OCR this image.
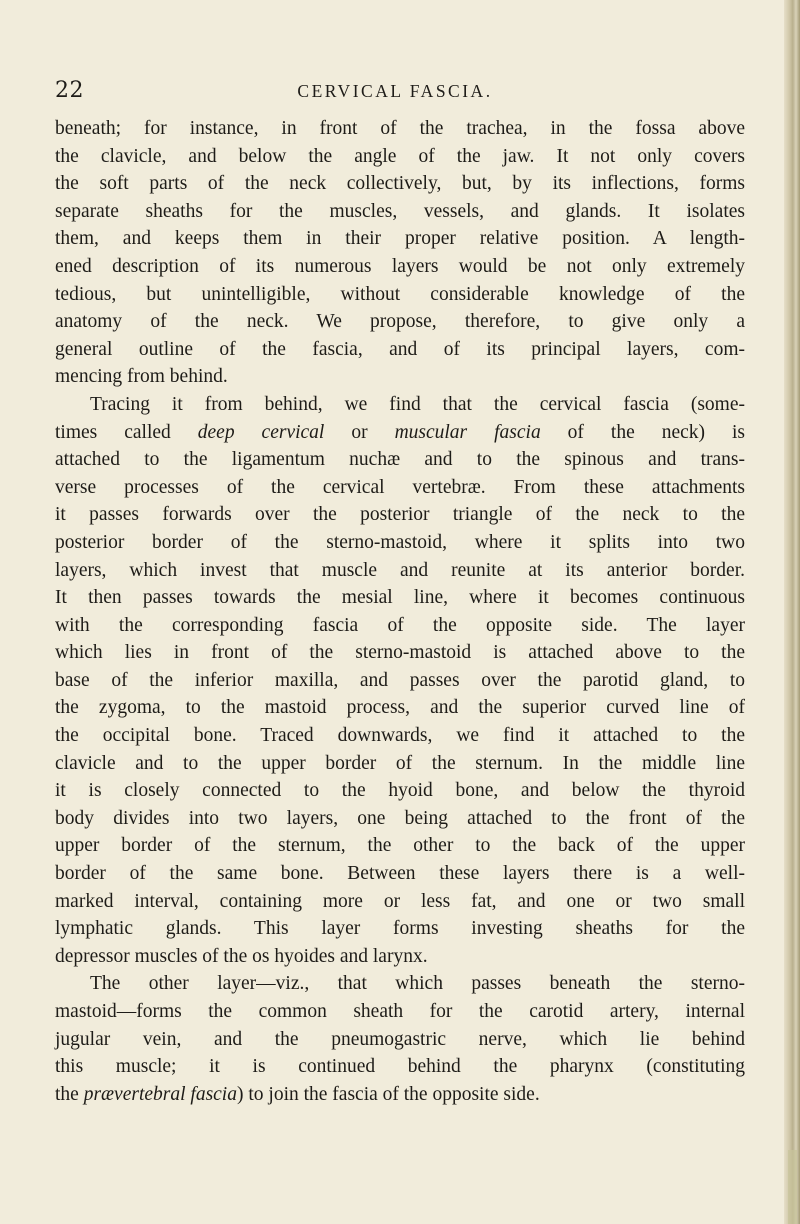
22	CERVICAL FASCIA.
beneath; for instance, in front of the trachea, in the fossa above
the clavicle, and below the angle of the jaw. It not only covers
the soft parts of the neck collectively, but, by its inflections, forms
separate sheaths for the muscles, vessels, and glands. It isolates
them, and keeps them in their proper relative position. A length-
ened description of its numerous layers would be not only extremely
tedious, but unintelligible, without considerable knowledge of the
anatomy of the neck. We propose, therefore, to give only a
general outline of the fascia, and of its principal layers, com-
mencing from behind.
Tracing it from behind, we find that the cervical fascia (some-
times called deep cervical or muscular fascia of the neck) is
attached to the ligamentum nuchæ and to the spinous and trans-
verse processes of the cervical vertebræ. From these attachments
it passes forwards over the posterior triangle of the neck to the
posterior border of the sterno-mastoid, where it splits into two
layers, which invest that muscle and reunite at its anterior border.
It then passes towards the mesial line, where it becomes continuous
with the corresponding fascia of the opposite side. The layer
which lies in front of the sterno-mastoid is attached above to the
base of the inferior maxilla, and passes over the parotid gland, to
the zygoma, to the mastoid process, and the superior curved line of
the occipital bone. Traced downwards, we find it attached to the
clavicle and to the upper border of the sternum. In the middle line
it is closely connected to the hyoid bone, and below the thyroid
body divides into two layers, one being attached to the front of the
upper border of the sternum, the other to the back of the upper
border of the same bone. Between these layers there is a well-
marked interval, containing more or less fat, and one or two small
lymphatic glands. This layer forms investing sheaths for the
depressor muscles of the os hyoides and larynx.
The other layer—viz., that which passes beneath the sterno-
mastoid—forms the common sheath for the carotid artery, internal
jugular vein, and the pneumogastric nerve, which lie behind
this muscle; it is continued behind the pharynx (constituting
the prævertebral fascia) to join the fascia of the opposite side.
